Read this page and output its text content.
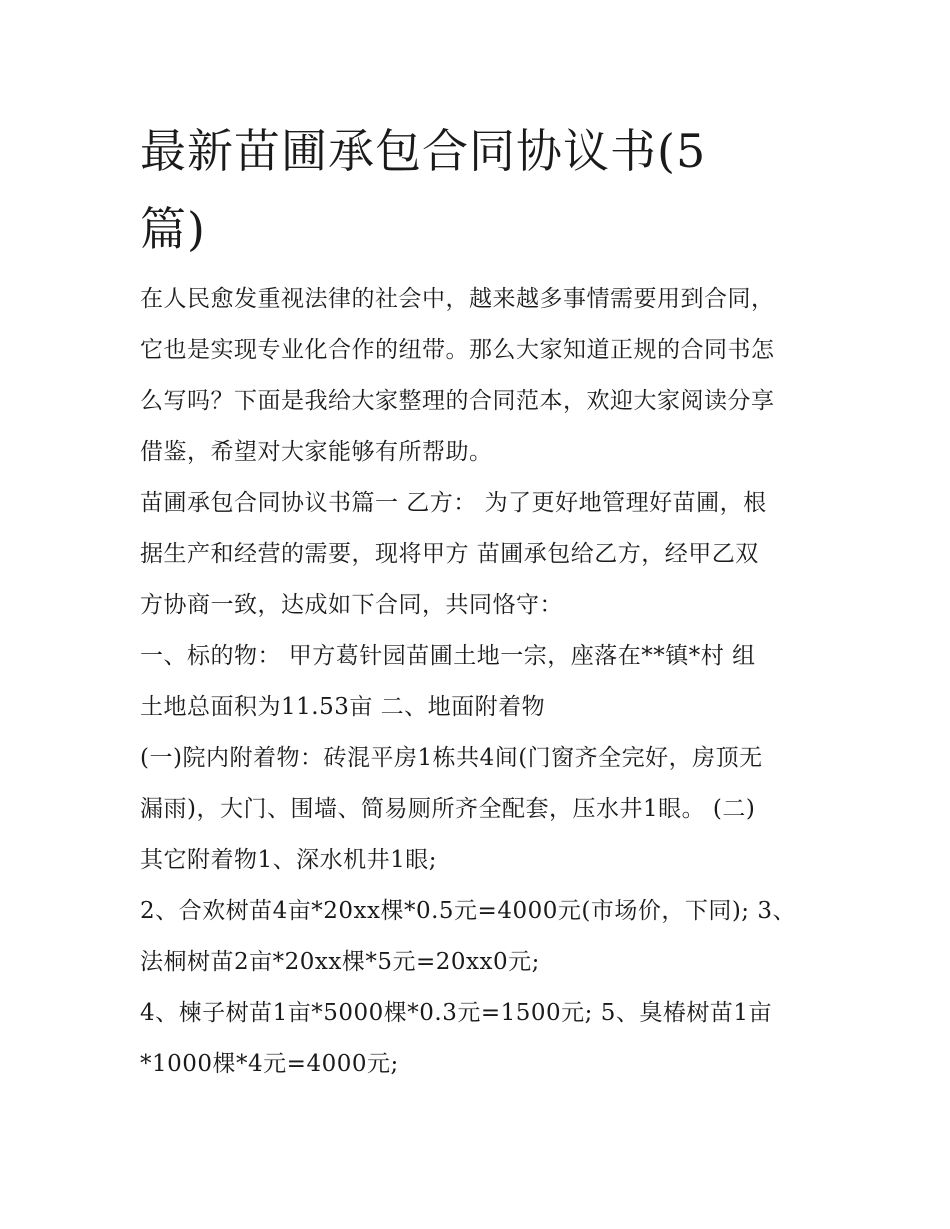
最新苗圃承包合同协议书(5
篇)

在人民愈发重视法律的社会中，越来越多事情需要用到合同，
它也是实现专业化合作的纽带。那么大家知道正规的合同书怎
么写吗？下面是我给大家整理的合同范本，欢迎大家阅读分享
借鉴，希望对大家能够有所帮助。

苗圃承包合同协议书篇一 乙方： 为了更好地管理好苗圃，根
据生产和经营的需要，现将甲方 苗圃承包给乙方，经甲乙双
方协商一致，达成如下合同，共同恪守：

一、标的物： 甲方葛针园苗圃土地一宗，座落在**镇*村 组
土地总面积为11.53亩 二、地面附着物

(一)院内附着物：砖混平房1栋共4间(门窗齐全完好，房顶无
漏雨)，大门、围墙、简易厕所齐全配套，压水井1眼。 (二)
其它附着物1、深水机井1眼;

2、合欢树苗4亩*20xx棵*0.5元=4000元(市场价，下同); 3、
法桐树苗2亩*20xx棵*5元=20xx0元;

4、楝子树苗1亩*5000棵*0.3元=1500元; 5、臭椿树苗1亩
*1000棵*4元=4000元;
